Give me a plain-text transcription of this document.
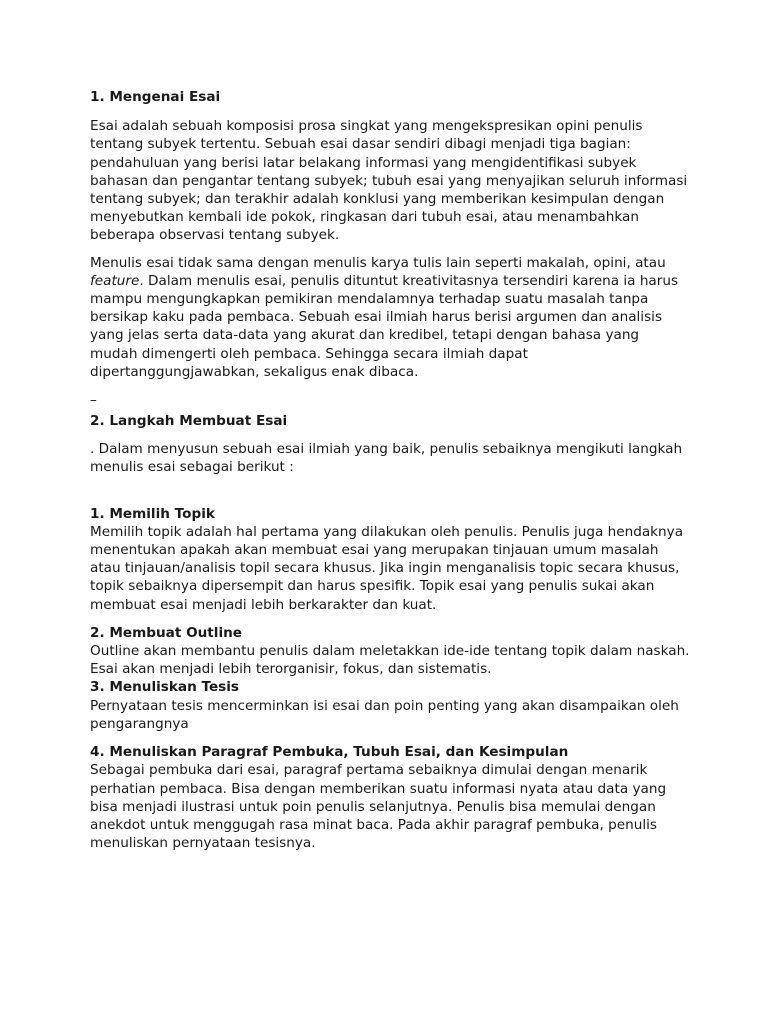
1. Mengenai Esai

Esai adalah sebuah komposisi prosa singkat yang mengekspresikan opini penulis tentang subyek tertentu. Sebuah esai dasar sendiri dibagi menjadi tiga bagian: pendahuluan yang berisi latar belakang informasi yang mengidentifikasi subyek bahasan dan pengantar tentang subyek; tubuh esai yang menyajikan seluruh informasi tentang subyek; dan terakhir adalah konklusi yang memberikan kesimpulan dengan menyebutkan kembali ide pokok, ringkasan dari tubuh esai, atau menambahkan beberapa observasi tentang subyek.

Menulis esai tidak sama dengan menulis karya tulis lain seperti makalah, opini, atau feature. Dalam menulis esai, penulis dituntut kreativitasnya tersendiri karena ia harus mampu mengungkapkan pemikiran mendalamnya terhadap suatu masalah tanpa bersikap kaku pada pembaca. Sebuah esai ilmiah harus berisi argumen dan analisis yang jelas serta data-data yang akurat dan kredibel, tetapi dengan bahasa yang mudah dimengerti oleh pembaca. Sehingga secara ilmiah dapat dipertanggungjawabkan, sekaligus enak dibaca.

–

2. Langkah Membuat Esai

. Dalam menyusun sebuah esai ilmiah yang baik, penulis sebaiknya mengikuti langkah menulis esai sebagai berikut :

1. Memilih Topik

Memilih topik adalah hal pertama yang dilakukan oleh penulis. Penulis juga hendaknya menentukan apakah akan membuat esai yang merupakan tinjauan umum masalah atau tinjauan/analisis topil secara khusus. Jika ingin menganalisis topic secara khusus, topik sebaiknya dipersempit dan harus spesifik. Topik esai yang penulis sukai akan membuat esai menjadi lebih berkarakter dan kuat.

2. Membuat Outline

Outline akan membantu penulis dalam meletakkan ide-ide tentang topik dalam naskah. Esai akan menjadi lebih terorganisir, fokus, dan sistematis.

3. Menuliskan Tesis

Pernyataan tesis mencerminkan isi esai dan poin penting yang akan disampaikan oleh pengarangnya

4. Menuliskan Paragraf Pembuka, Tubuh Esai, dan Kesimpulan

Sebagai pembuka dari esai, paragraf pertama sebaiknya dimulai dengan menarik perhatian pembaca. Bisa dengan memberikan suatu informasi nyata atau data yang bisa menjadi ilustrasi untuk poin penulis selanjutnya. Penulis bisa memulai dengan anekdot untuk menggugah rasa minat baca. Pada akhir paragraf pembuka, penulis menuliskan pernyataan tesisnya.
